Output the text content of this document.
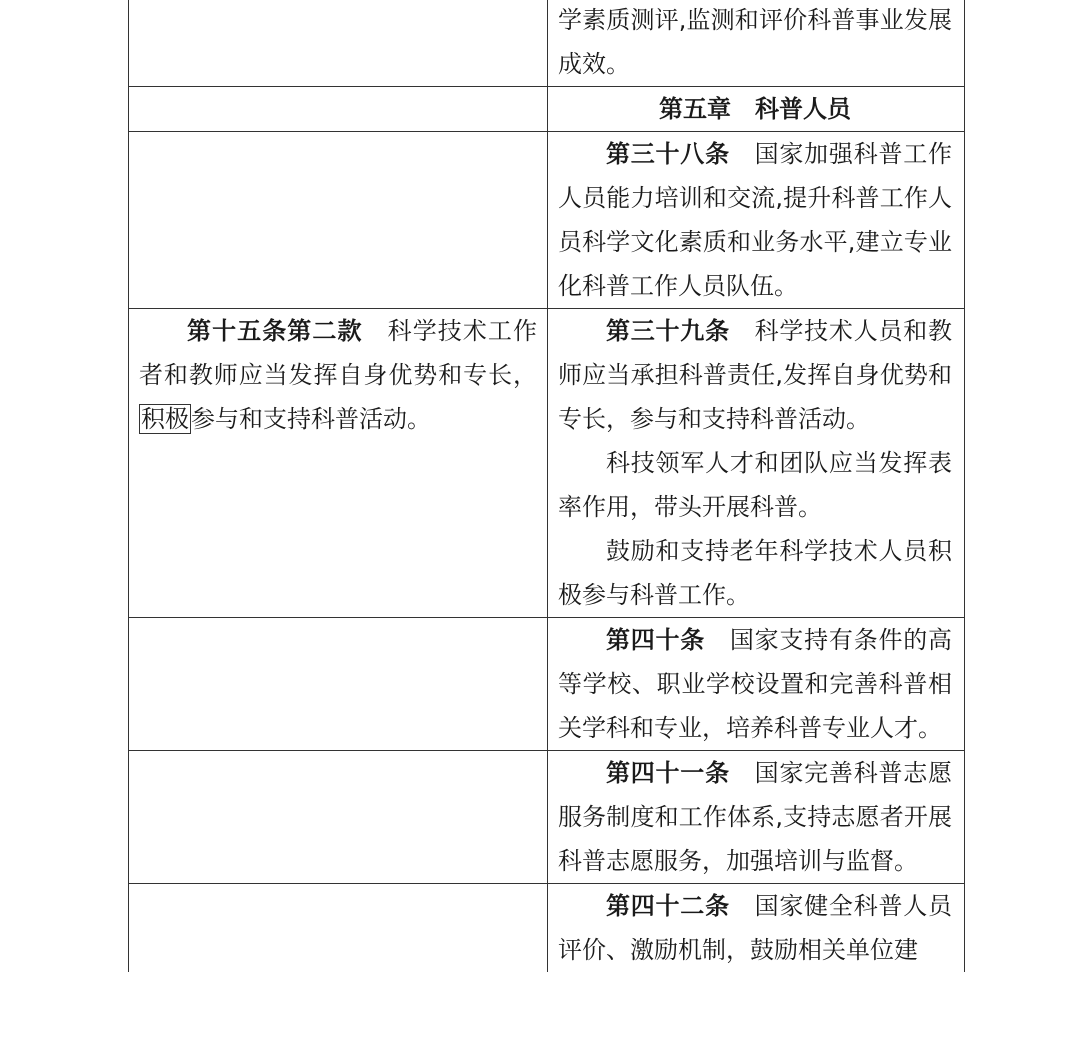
学素质测评,监测和评价科普事业发展成效。

第五章　科普人员

第三十八条 国家加强科普工作人员能力培训和交流,提升科普工作人员科学文化素质和业务水平,建立专业化科普工作人员队伍。

第十五条第二款 科学技术工作者和教师应当发挥自身优势和专长，积极参与和支持科普活动。

第三十九条 科学技术人员和教师应当承担科普责任,发挥自身优势和专长，参与和支持科普活动。

科技领军人才和团队应当发挥表率作用，带头开展科普。

鼓励和支持老年科学技术人员积极参与科普工作。

第四十条 国家支持有条件的高等学校、职业学校设置和完善科普相关学科和专业，培养科普专业人才。

第四十一条 国家完善科普志愿服务制度和工作体系,支持志愿者开展科普志愿服务，加强培训与监督。

第四十二条 国家健全科普人员评价、激励机制，鼓励相关单位建
